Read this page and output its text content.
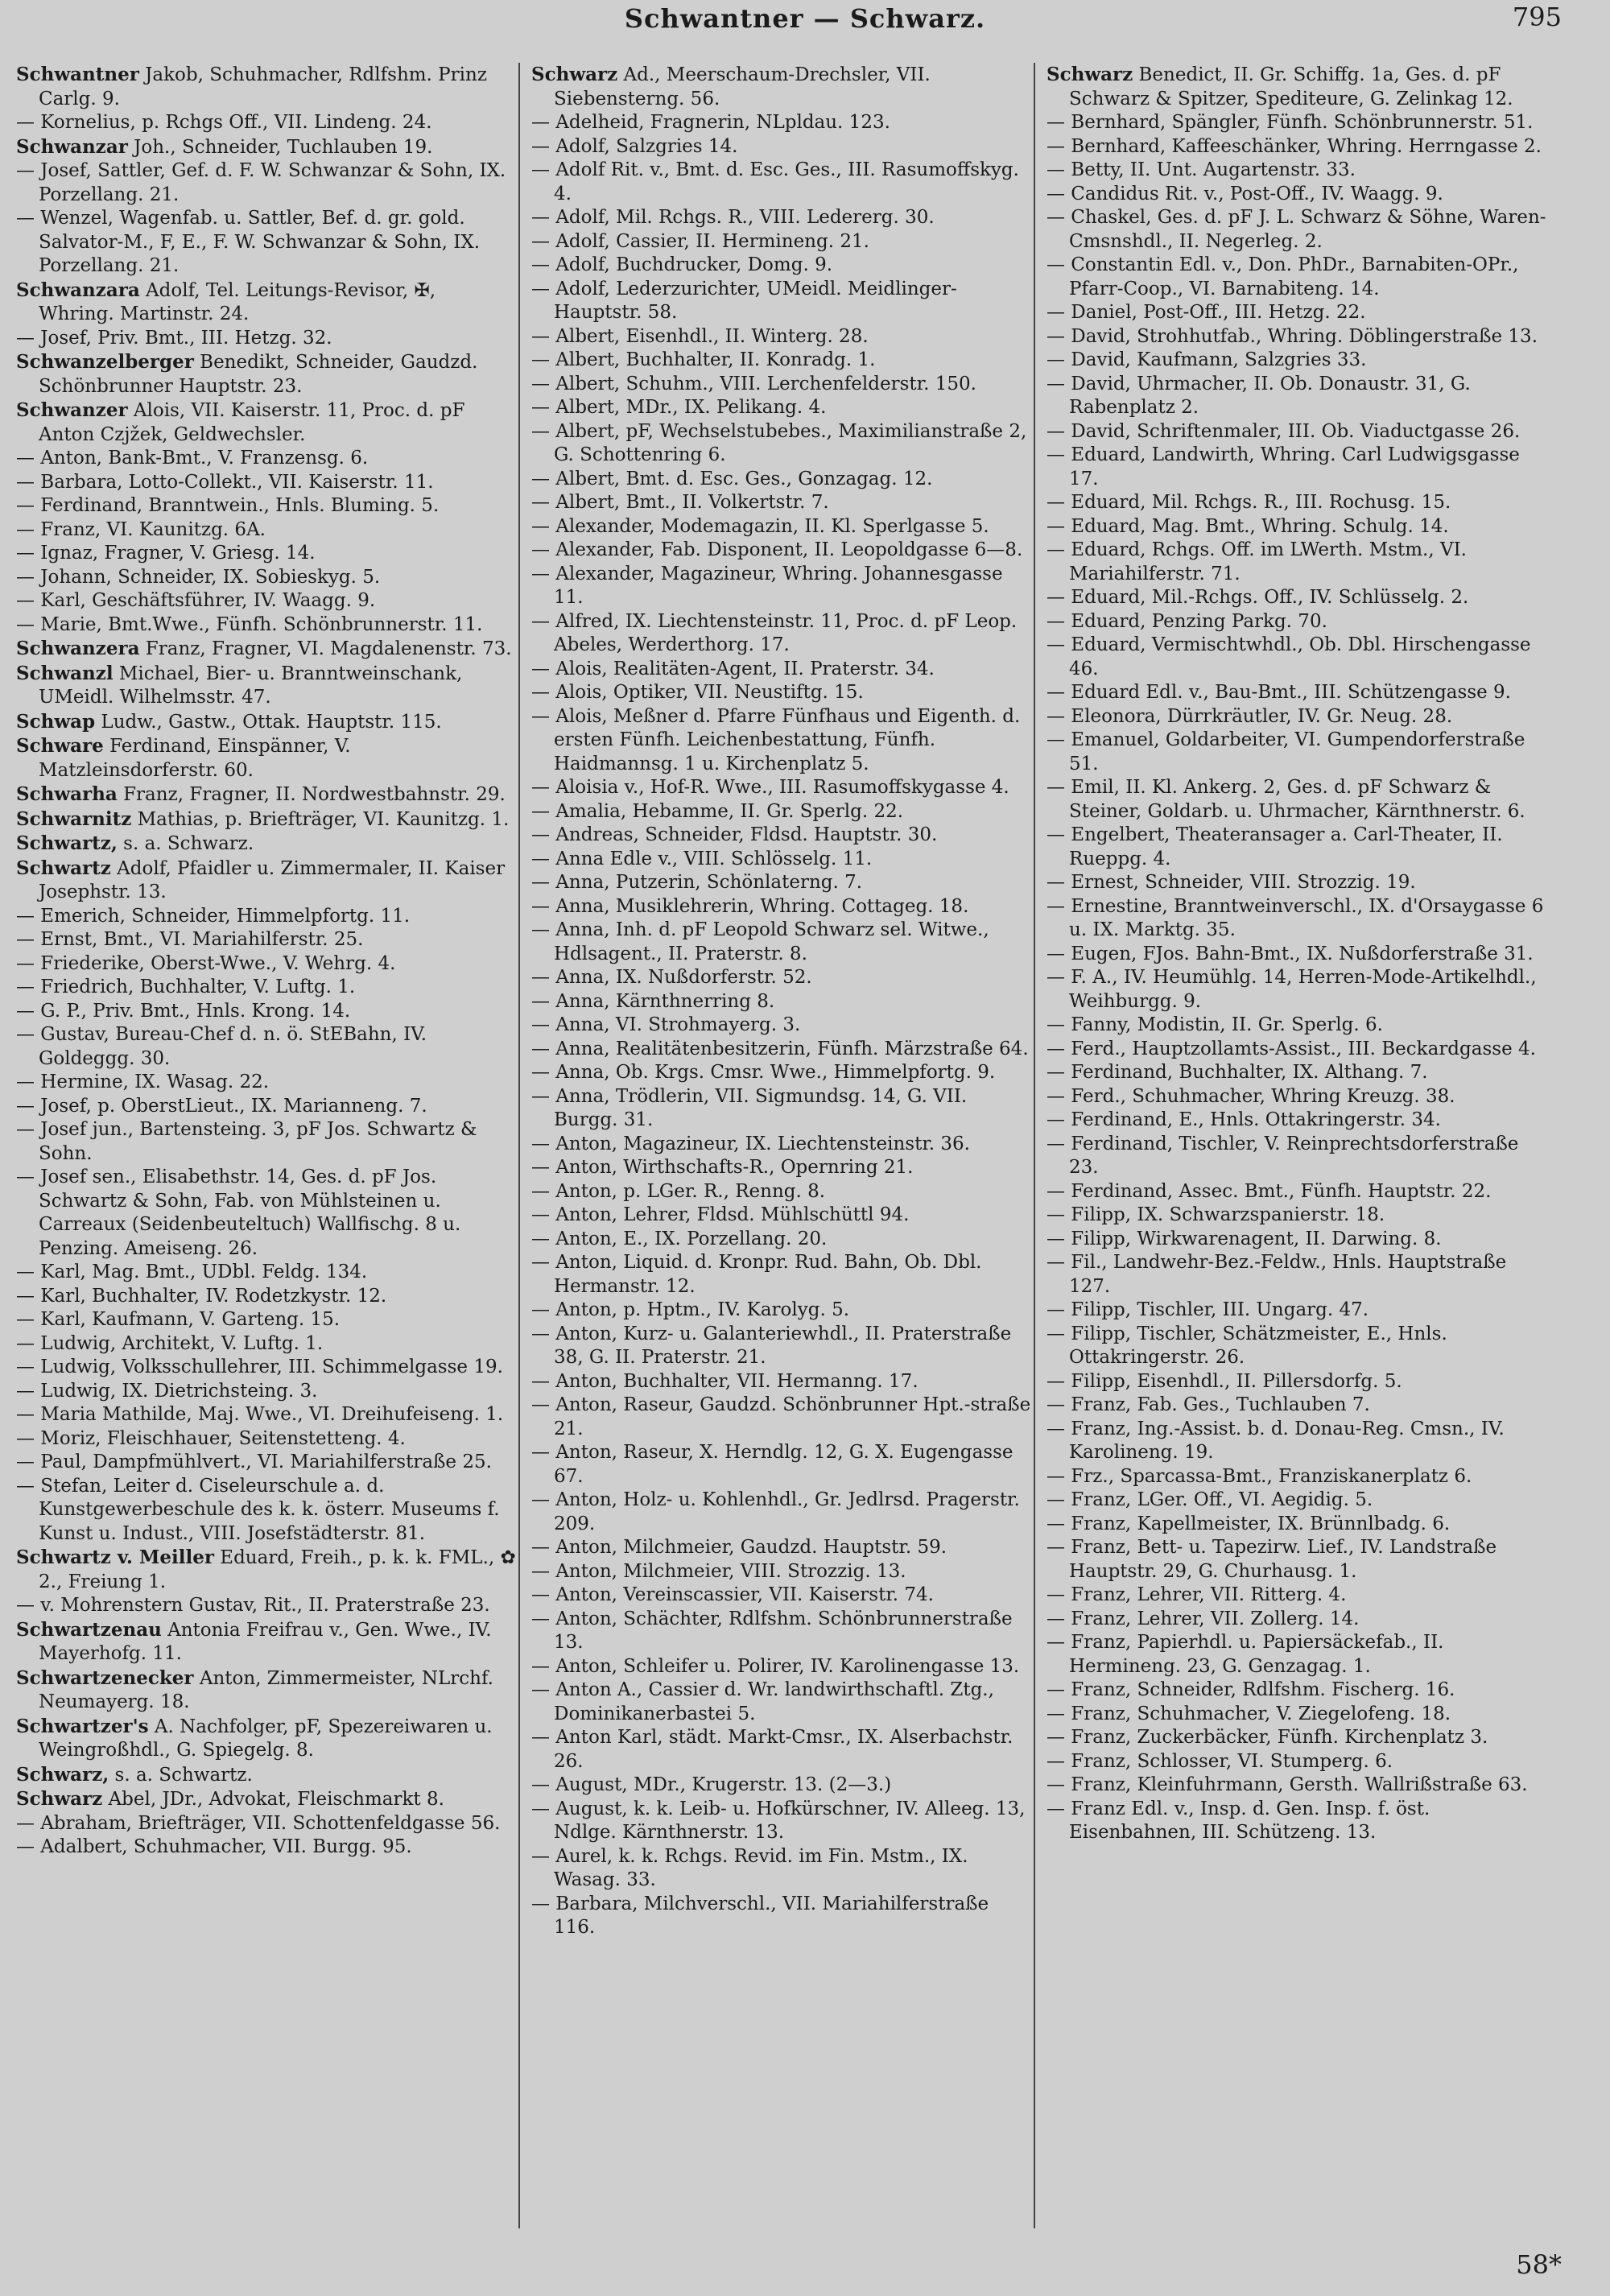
Schwantner — Schwarz.	795
Schwantner Jakob, Schuhmacher, Rdlfshm. Prinz Carlg. 9.
— Kornelius, p. Rchgs Off., VII. Lindeng. 24.
Schwanzar Joh., Schneider, Tuchlauben 19.
— Josef, Sattler, Gef. d. F. W. Schwanzar & Sohn, IX. Porzellang. 21.
— Wenzel, Wagenfab. u. Sattler, Bef. d. gr. gold. Salvator-M., F, E., F. W. Schwanzar & Sohn, IX. Porzellang. 21.
Schwanzara Adolf, Tel. Leitungs-Revisor, ✠, Whring. Martinstr. 24.
— Josef, Priv. Bmt., III. Hetzg. 32.
Schwanzelberger Benedikt, Schneider, Gaudzd. Schönbrunner Hauptstr. 23.
Schwanzer Alois, VII. Kaiserstr. 11, Proc. d. pF Anton Czjžek, Geldwechsler.
— Anton, Bank-Bmt., V. Franzensg. 6.
— Barbara, Lotto-Collekt., VII. Kaiserstr. 11.
— Ferdinand, Branntwein., Hnls. Bluming. 5.
— Franz, VI. Kaunitzg. 6A.
— Ignaz, Fragner, V. Griesg. 14.
— Johann, Schneider, IX. Sobieskyg. 5.
— Karl, Geschäftsführer, IV. Waagg. 9.
— Marie, Bmt.Wwe., Fünfh. Schönbrunnerstr. 11.
Schwanzera Franz, Fragner, VI. Magdalenenstr. 73.
Schwanzl Michael, Bier- u. Branntweinschank, UMeidl. Wilhelmsstr. 47.
Schwap Ludw., Gastw., Ottak. Hauptstr. 115.
Schware Ferdinand, Einspänner, V. Matzleinsdorferstr. 60.
Schwarha Franz, Fragner, II. Nordwestbahnstr. 29.
Schwarnitz Mathias, p. Briefträger, VI. Kaunitzg. 1.
Schwartz, s. a. Schwarz.
Schwartz Adolf, Pfaidler u. Zimmermaler, II. Kaiser Josephstr. 13.
— Emerich, Schneider, Himmelpfortg. 11.
— Ernst, Bmt., VI. Mariahilferstr. 25.
— Friederike, Oberst-Wwe., V. Wehrg. 4.
— Friedrich, Buchhalter, V. Luftg. 1.
— G. P., Priv. Bmt., Hnls. Krong. 14.
— Gustav, Bureau-Chef d. n. ö. StEBahn, IV. Goldeggg. 30.
— Hermine, IX. Wasag. 22.
— Josef, p. OberstLieut., IX. Marianneng. 7.
— Josef jun., Bartensteing. 3, pF Jos. Schwartz & Sohn.
— Josef sen., Elisabethstr. 14, Ges. d. pF Jos. Schwartz & Sohn, Fab. von Mühlsteinen u. Carreaux (Seidenbeuteltuch) Wallfischg. 8 u. Penzing. Ameiseng. 26.
— Karl, Mag. Bmt., UDbl. Feldg. 134.
— Karl, Buchhalter, IV. Rodetzkystr. 12.
— Karl, Kaufmann, V. Garteng. 15.
— Ludwig, Architekt, V. Luftg. 1.
— Ludwig, Volksschullehrer, III. Schimmelgasse 19.
— Ludwig, IX. Dietrichsteing. 3.
— Maria Mathilde, Maj. Wwe., VI. Dreihufeiseng. 1.
— Moriz, Fleischhauer, Seitenstetteng. 4.
— Paul, Dampfmühlvert., VI. Mariahilferstraße 25.
— Stefan, Leiter d. Ciseleurschule a. d. Kunstgewerbeschule des k. k. österr. Museums f. Kunst u. Indust., VIII. Josefstädterstr. 81.
Schwartz v. Meiller Eduard, Freih., p. k. k. FML., ✿ 2., Freiung 1.
— v. Mohrenstern Gustav, Rit., II. Praterstraße 23.
Schwartzenau Antonia Freifrau v., Gen. Wwe., IV. Mayerhofg. 11.
Schwartzenecker Anton, Zimmermeister, NLrchf. Neumayerg. 18.
Schwartzer's A. Nachfolger, pF, Spezereiwaren u. Weingroßhdl., G. Spiegelg. 8.
Schwarz, s. a. Schwartz.
Schwarz Abel, JDr., Advokat, Fleischmarkt 8.
— Abraham, Briefträger, VII. Schottenfeldgasse 56.
— Adalbert, Schuhmacher, VII. Burgg. 95.
Schwarz Ad., Meerschaum-Drechsler, VII. Siebensterng. 56.
— Adelheid, Fragnerin, NLpldau. 123.
— Adolf, Salzgries 14.
— Adolf Rit. v., Bmt. d. Esc. Ges., III. Rasumoffskyg. 4.
— Adolf, Mil. Rchgs. R., VIII. Ledererg. 30.
— Adolf, Cassier, II. Hermineng. 21.
— Adolf, Buchdrucker, Domg. 9.
— Adolf, Lederzurichter, UMeidl. Meidlinger-Hauptstr. 58.
— Albert, Eisenhdl., II. Winterg. 28.
— Albert, Buchhalter, II. Konradg. 1.
— Albert, Schuhm., VIII. Lerchenfelderstr. 150.
— Albert, MDr., IX. Pelikang. 4.
— Albert, pF, Wechselstubebes., Maximilianstraße 2, G. Schottenring 6.
— Albert, Bmt. d. Esc. Ges., Gonzagag. 12.
— Albert, Bmt., II. Volkertstr. 7.
— Alexander, Modemagazin, II. Kl. Sperlgasse 5.
— Alexander, Fab. Disponent, II. Leopoldgasse 6—8.
— Alexander, Magazineur, Whring. Johannesgasse 11.
— Alfred, IX. Liechtensteinstr. 11, Proc. d. pF Leop. Abeles, Werderthorg. 17.
— Alois, Realitäten-Agent, II. Praterstr. 34.
— Alois, Optiker, VII. Neustiftg. 15.
— Alois, Meßner d. Pfarre Fünfhaus und Eigenth. d. ersten Fünfh. Leichenbestattung, Fünfh. Haidmannsg. 1 u. Kirchenplatz 5.
— Aloisia v., Hof-R. Wwe., III. Rasumoffskygasse 4.
— Amalia, Hebamme, II. Gr. Sperlg. 22.
— Andreas, Schneider, Fldsd. Hauptstr. 30.
— Anna Edle v., VIII. Schlösselg. 11.
— Anna, Putzerin, Schönlaterng. 7.
— Anna, Musiklehrerin, Whring. Cottageg. 18.
— Anna, Inh. d. pF Leopold Schwarz sel. Witwe., Hdlsagent., II. Praterstr. 8.
— Anna, IX. Nußdorferstr. 52.
— Anna, Kärnthnerring 8.
— Anna, VI. Strohmayerg. 3.
— Anna, Realitätenbesitzerin, Fünfh. Märzstraße 64.
— Anna, Ob. Krgs. Cmsr. Wwe., Himmelpfortg. 9.
— Anna, Trödlerin, VII. Sigmundsg. 14, G. VII. Burgg. 31.
— Anton, Magazineur, IX. Liechtensteinstr. 36.
— Anton, Wirthschafts-R., Opernring 21.
— Anton, p. LGer. R., Renng. 8.
— Anton, Lehrer, Fldsd. Mühlschüttl 94.
— Anton, E., IX. Porzellang. 20.
— Anton, Liquid. d. Kronpr. Rud. Bahn, Ob. Dbl. Hermanstr. 12.
— Anton, p. Hptm., IV. Karolyg. 5.
— Anton, Kurz- u. Galanteriewhdl., II. Praterstraße 38, G. II. Praterstr. 21.
— Anton, Buchhalter, VII. Hermanng. 17.
— Anton, Raseur, Gaudzd. Schönbrunner Hpt.-straße 21.
— Anton, Raseur, X. Herndlg. 12, G. X. Eugengasse 67.
— Anton, Holz- u. Kohlenhdl., Gr. Jedlrsd. Pragerstr. 209.
— Anton, Milchmeier, Gaudzd. Hauptstr. 59.
— Anton, Milchmeier, VIII. Strozzig. 13.
— Anton, Vereinscassier, VII. Kaiserstr. 74.
— Anton, Schächter, Rdlfshm. Schönbrunnerstraße 13.
— Anton, Schleifer u. Polirer, IV. Karolinengasse 13.
— Anton A., Cassier d. Wr. landwirthschaftl. Ztg., Dominikanerbastei 5.
— Anton Karl, städt. Markt-Cmsr., IX. Alserbachstr. 26.
— August, MDr., Krugerstr. 13. (2—3.)
— August, k. k. Leib- u. Hofkürschner, IV. Alleeg. 13, Ndlge. Kärnthnerstr. 13.
— Aurel, k. k. Rchgs. Revid. im Fin. Mstm., IX. Wasag. 33.
— Barbara, Milchverschl., VII. Mariahilferstraße 116.
Schwarz Benedict, II. Gr. Schiffg. 1a, Ges. d. pF Schwarz & Spitzer, Spediteure, G. Zelinkag 12.
— Bernhard, Spängler, Fünfh. Schönbrunnerstr. 51.
— Bernhard, Kaffeeschänker, Whring. Herrngasse 2.
— Betty, II. Unt. Augartenstr. 33.
— Candidus Rit. v., Post-Off., IV. Waagg. 9.
— Chaskel, Ges. d. pF J. L. Schwarz & Söhne, Waren-Cmsnshdl., II. Negerleg. 2.
— Constantin Edl. v., Don. PhDr., Barnabiten-OPr., Pfarr-Coop., VI. Barnabiteng. 14.
— Daniel, Post-Off., III. Hetzg. 22.
— David, Strohhutfab., Whring. Döblingerstraße 13.
— David, Kaufmann, Salzgries 33.
— David, Uhrmacher, II. Ob. Donaustr. 31, G. Rabenplatz 2.
— David, Schriftenmaler, III. Ob. Viaductgasse 26.
— Eduard, Landwirth, Whring. Carl Ludwigsgasse 17.
— Eduard, Mil. Rchgs. R., III. Rochusg. 15.
— Eduard, Mag. Bmt., Whring. Schulg. 14.
— Eduard, Rchgs. Off. im LWerth. Mstm., VI. Mariahilferstr. 71.
— Eduard, Mil.-Rchgs. Off., IV. Schlüsselg. 2.
— Eduard, Penzing Parkg. 70.
— Eduard, Vermischtwhdl., Ob. Dbl. Hirschengasse 46.
— Eduard Edl. v., Bau-Bmt., III. Schützengasse 9.
— Eleonora, Dürrkräutler, IV. Gr. Neug. 28.
— Emanuel, Goldarbeiter, VI. Gumpendorferstraße 51.
— Emil, II. Kl. Ankerg. 2, Ges. d. pF Schwarz & Steiner, Goldarb. u. Uhrmacher, Kärnthnerstr. 6.
— Engelbert, Theateransager a. Carl-Theater, II. Rueppg. 4.
— Ernest, Schneider, VIII. Strozzig. 19.
— Ernestine, Branntweinverschl., IX. d'Orsaygasse 6 u. IX. Marktg. 35.
— Eugen, FJos. Bahn-Bmt., IX. Nußdorferstraße 31.
— F. A., IV. Heumühlg. 14, Herren-Mode-Artikelhdl., Weihburgg. 9.
— Fanny, Modistin, II. Gr. Sperlg. 6.
— Ferd., Hauptzollamts-Assist., III. Beckardgasse 4.
— Ferdinand, Buchhalter, IX. Althang. 7.
— Ferd., Schuhmacher, Whring Kreuzg. 38.
— Ferdinand, E., Hnls. Ottakringerstr. 34.
— Ferdinand, Tischler, V. Reinprechtsdorferstraße 23.
— Ferdinand, Assec. Bmt., Fünfh. Hauptstr. 22.
— Filipp, IX. Schwarzspanierstr. 18.
— Filipp, Wirkwarenagent, II. Darwing. 8.
— Fil., Landwehr-Bez.-Feldw., Hnls. Hauptstraße 127.
— Filipp, Tischler, III. Ungarg. 47.
— Filipp, Tischler, Schätzmeister, E., Hnls. Ottakringerstr. 26.
— Filipp, Eisenhdl., II. Pillersdorfg. 5.
— Franz, Fab. Ges., Tuchlauben 7.
— Franz, Ing.-Assist. b. d. Donau-Reg. Cmsn., IV. Karolineng. 19.
— Frz., Sparcassa-Bmt., Franziskanerplatz 6.
— Franz, LGer. Off., VI. Aegidig. 5.
— Franz, Kapellmeister, IX. Brünnlbadg. 6.
— Franz, Bett- u. Tapezirw. Lief., IV. Landstraße Hauptstr. 29, G. Churhausg. 1.
— Franz, Lehrer, VII. Ritterg. 4.
— Franz, Lehrer, VII. Zollerg. 14.
— Franz, Papierhdl. u. Papiersäckefab., II. Hermineng. 23, G. Genzagag. 1.
— Franz, Schneider, Rdlfshm. Fischerg. 16.
— Franz, Schuhmacher, V. Ziegelofeng. 18.
— Franz, Zuckerbäcker, Fünfh. Kirchenplatz 3.
— Franz, Schlosser, VI. Stumperg. 6.
— Franz, Kleinfuhrmann, Gersth. Wallrißstraße 63.
— Franz Edl. v., Insp. d. Gen. Insp. f. öst. Eisenbahnen, III. Schützeng. 13.
58*
